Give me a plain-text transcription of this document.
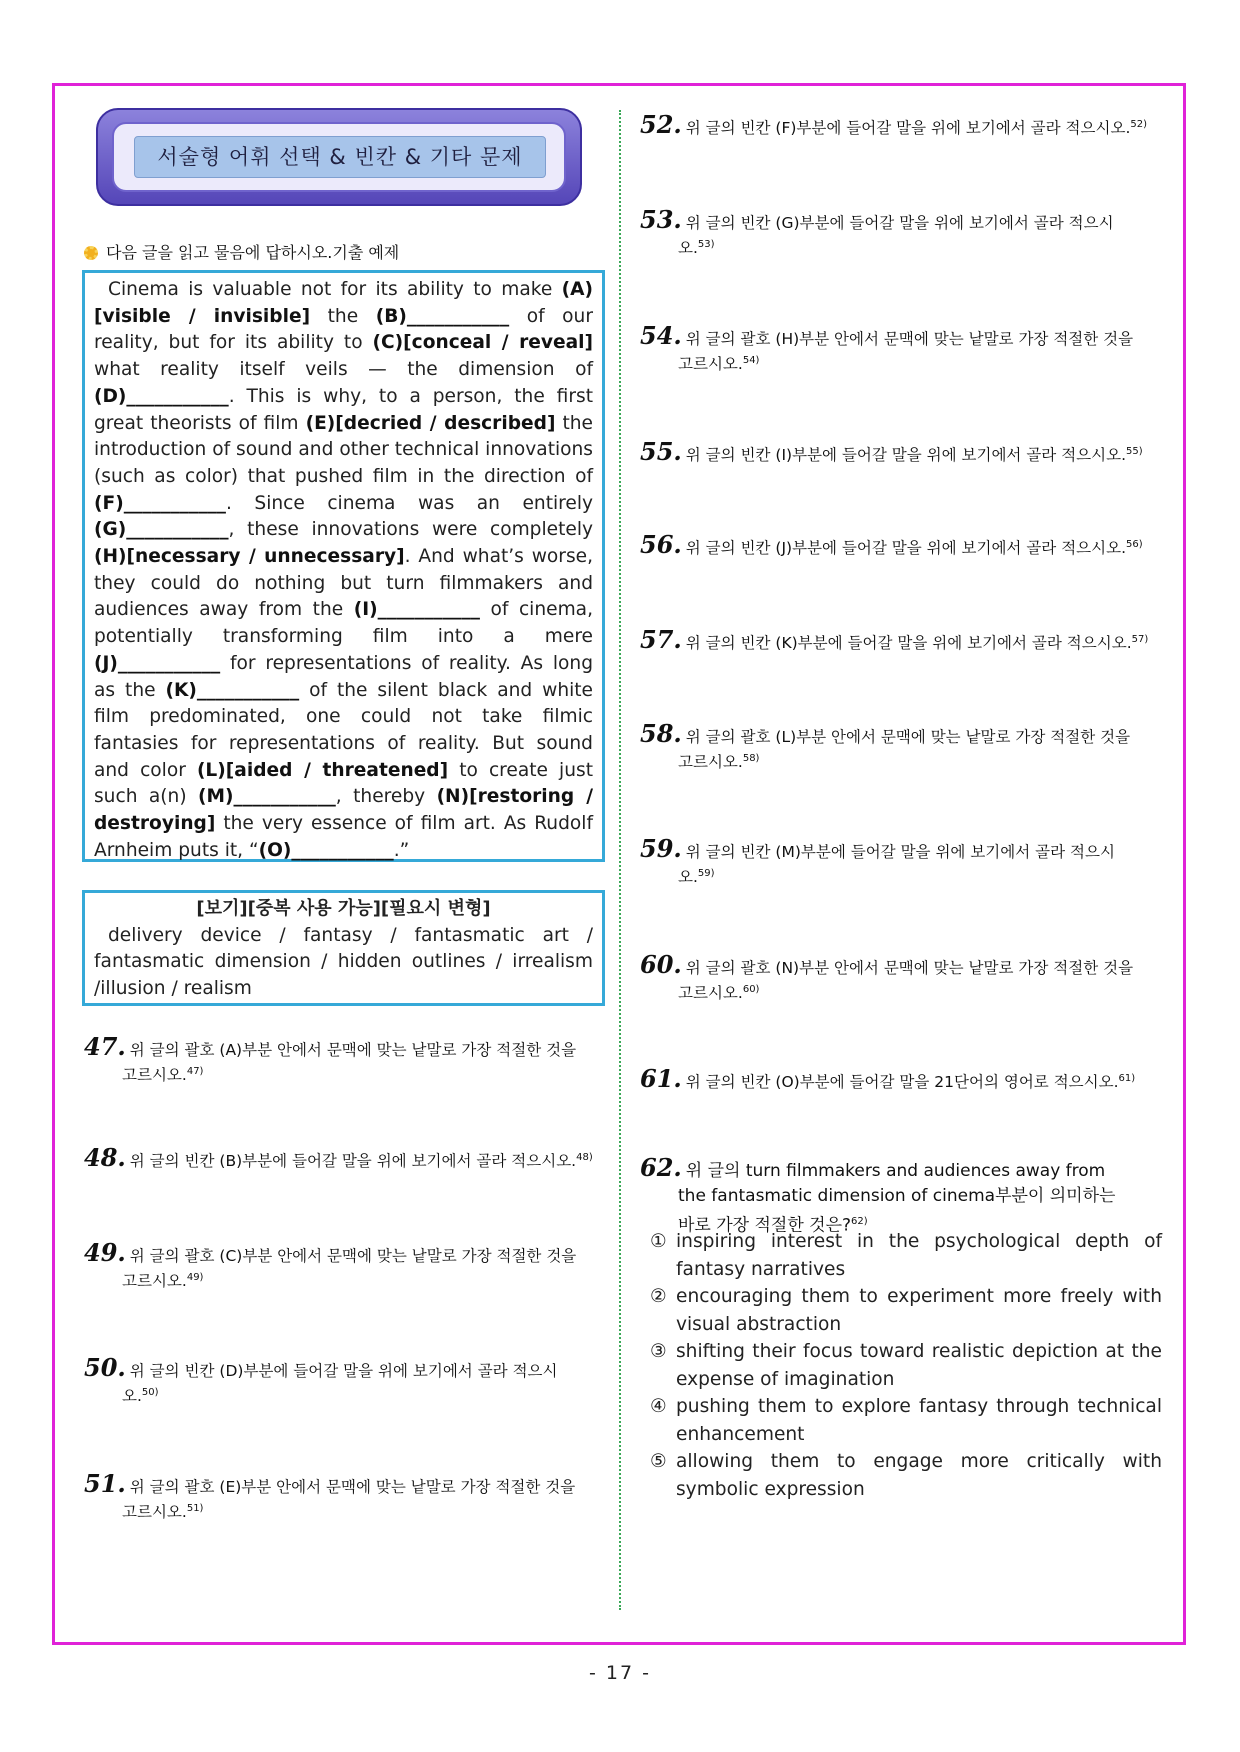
서술형 어휘 선택 & 빈칸 & 기타 문제
다음 글을 읽고 물음에 답하시오.기출 예제
Cinema is valuable not for its ability to make (A)[visible / invisible] the (B)___________ of our reality, but for its ability to (C)[conceal / reveal] what reality itself veils — the dimension of (D)___________. This is why, to a person, the first great theorists of film (E)[decried / described] the introduction of sound and other technical innovations (such as color) that pushed film in the direction of (F)___________. Since cinema was an entirely (G)___________, these innovations were completely (H)[necessary / unnecessary]. And what’s worse, they could do nothing but turn filmmakers and audiences away from the (I)___________ of cinema, potentially transforming film into a mere (J)___________ for representations of reality. As long as the (K)___________ of the silent black and white film predominated, one could not take filmic fantasies for representations of reality. But sound and color (L)[aided / threatened] to create just such a(n) (M)___________, thereby (N)[restoring / destroying] the very essence of film art. As Rudolf Arnheim puts it, “(O)___________.”
[보기][중복 사용 가능][필요시 변형]
delivery device / fantasy / fantasmatic art / fantasmatic dimension / hidden outlines / irrealism /illusion / realism
47. 위 글의 괄호 (A)부분 안에서 문맥에 맞는 낱말로 가장 적절한 것을
고르시오.$^{47)}$
48. 위 글의 빈칸 (B)부분에 들어갈 말을 위에 보기에서 골라 적으시오.$^{48)}$
49. 위 글의 괄호 (C)부분 안에서 문맥에 맞는 낱말로 가장 적절한 것을
고르시오.$^{49)}$
50. 위 글의 빈칸 (D)부분에 들어갈 말을 위에 보기에서 골라 적으시
오.$^{50)}$
51. 위 글의 괄호 (E)부분 안에서 문맥에 맞는 낱말로 가장 적절한 것을
고르시오.$^{51)}$
52. 위 글의 빈칸 (F)부분에 들어갈 말을 위에 보기에서 골라 적으시오.$^{52)}$
53. 위 글의 빈칸 (G)부분에 들어갈 말을 위에 보기에서 골라 적으시
오.$^{53)}$
54. 위 글의 괄호 (H)부분 안에서 문맥에 맞는 낱말로 가장 적절한 것을
고르시오.$^{54)}$
55. 위 글의 빈칸 (I)부분에 들어갈 말을 위에 보기에서 골라 적으시오.$^{55)}$
56. 위 글의 빈칸 (J)부분에 들어갈 말을 위에 보기에서 골라 적으시오.$^{56)}$
57. 위 글의 빈칸 (K)부분에 들어갈 말을 위에 보기에서 골라 적으시오.$^{57)}$
58. 위 글의 괄호 (L)부분 안에서 문맥에 맞는 낱말로 가장 적절한 것을
고르시오.$^{58)}$
59. 위 글의 빈칸 (M)부분에 들어갈 말을 위에 보기에서 골라 적으시
오.$^{59)}$
60. 위 글의 괄호 (N)부분 안에서 문맥에 맞는 낱말로 가장 적절한 것을
고르시오.$^{60)}$
61. 위 글의 빈칸 (O)부분에 들어갈 말을 21단어의 영어로 적으시오.$^{61)}$
62. 위 글의 turn filmmakers and audiences away from
the fantasmatic dimension of cinema부분이 의미하는
바로 가장 적절한 것은?$^{62)}$
① inspiring interest in the psychological depth of fantasy narratives
② encouraging them to experiment more freely with visual abstraction
③ shifting their focus toward realistic depiction at the expense of imagination
④ pushing them to explore fantasy through technical enhancement
⑤ allowing them to engage more critically with symbolic expression
- 17 -
